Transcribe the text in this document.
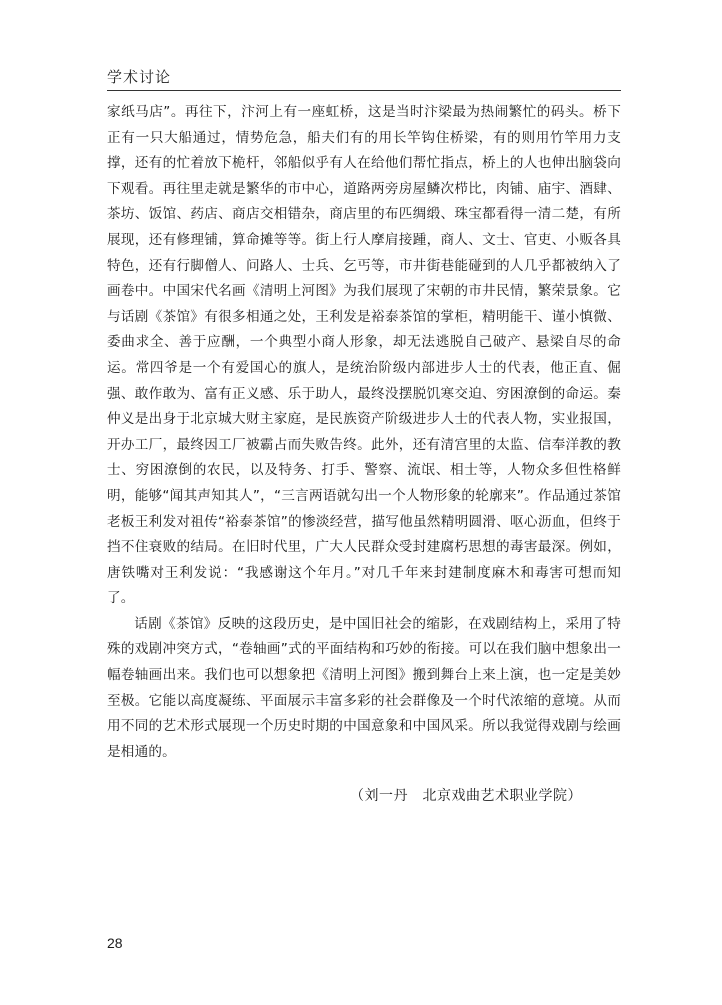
学术讨论

家纸马店”。再往下，汴河上有一座虹桥，这是当时汴梁最为热闹繁忙的码头。桥下正有一只大船通过，情势危急，船夫们有的用长竿钩住桥梁，有的则用竹竿用力支撑，还有的忙着放下桅杆，邻船似乎有人在给他们帮忙指点，桥上的人也伸出脑袋向下观看。再往里走就是繁华的市中心，道路两旁房屋鳞次栉比，肉铺、庙宇、酒肆、茶坊、饭馆、药店、商店交相错杂，商店里的布匹绸缎、珠宝都看得一清二楚，有所展现，还有修理铺，算命摊等等。街上行人摩肩接踵，商人、文士、官吏、小贩各具特色，还有行脚僧人、问路人、士兵、乞丐等，市井街巷能碰到的人几乎都被纳入了画卷中。中国宋代名画《清明上河图》为我们展现了宋朝的市井民情，繁荣景象。它与话剧《茶馆》有很多相通之处，王利发是裕泰茶馆的掌柜，精明能干、谨小慎微、委曲求全、善于应酬，一个典型小商人形象，却无法逃脱自己破产、悬梁自尽的命运。常四爷是一个有爱国心的旗人，是统治阶级内部进步人士的代表，他正直、倔强、敢作敢为、富有正义感、乐于助人，最终没摆脱饥寒交迫、穷困潦倒的命运。秦仲义是出身于北京城大财主家庭，是民族资产阶级进步人士的代表人物，实业报国，开办工厂，最终因工厂被霸占而失败告终。此外，还有清宫里的太监、信奉洋教的教士、穷困潦倒的农民，以及特务、打手、警察、流氓、相士等，人物众多但性格鲜明，能够“闻其声知其人”，“三言两语就勾出一个人物形象的轮廓来”。作品通过茶馆老板王利发对祖传“裕泰茶馆”的惨淡经营，描写他虽然精明圆滑、呕心沥血，但终于挡不住衰败的结局。在旧时代里，广大人民群众受封建腐朽思想的毒害最深。例如，唐铁嘴对王利发说：“我感谢这个年月。”对几千年来封建制度麻木和毒害可想而知了。

话剧《茶馆》反映的这段历史，是中国旧社会的缩影，在戏剧结构上，采用了特殊的戏剧冲突方式，“卷轴画”式的平面结构和巧妙的衔接。可以在我们脑中想象出一幅卷轴画出来。我们也可以想象把《清明上河图》搬到舞台上来上演，也一定是美妙至极。它能以高度凝练、平面展示丰富多彩的社会群像及一个时代浓缩的意境。从而用不同的艺术形式展现一个历史时期的中国意象和中国风采。所以我觉得戏剧与绘画是相通的。

（刘一丹　北京戏曲艺术职业学院）
28
